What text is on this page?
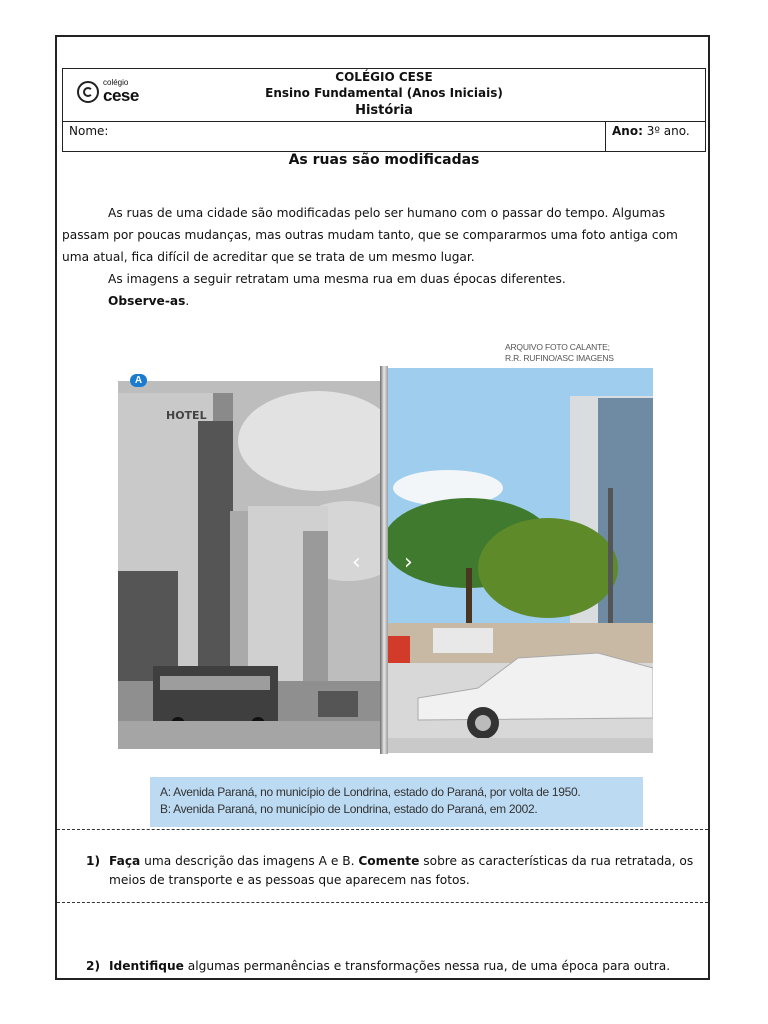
colégio
cese
COLÉGIO CESE
Ensino Fundamental (Anos Iniciais)
História
Nome:	Ano: 3º ano.
As ruas são modificadas

As ruas de uma cidade são modificadas pelo ser humano com o passar do tempo. Algumas passam por poucas mudanças, mas outras mudam tanto, que se compararmos uma foto antiga com uma atual, fica difícil de acreditar que se trata de um mesmo lugar.

As imagens a seguir retratam uma mesma rua em duas épocas diferentes.

Observe-as.

ARQUIVO FOTO CALANTE;
R.R. RUFINO/ASC IMAGENS
HOTEL
A
‹ ›

A: Avenida Paraná, no município de Londrina, estado do Paraná, por volta de 1950.

B: Avenida Paraná, no município de Londrina, estado do Paraná, em 2002.

1) Faça uma descrição das imagens A e B. Comente sobre as características da rua retratada, os meios de transporte e as pessoas que aparecem nas fotos.
2) Identifique algumas permanências e transformações nessa rua, de uma época para outra.
